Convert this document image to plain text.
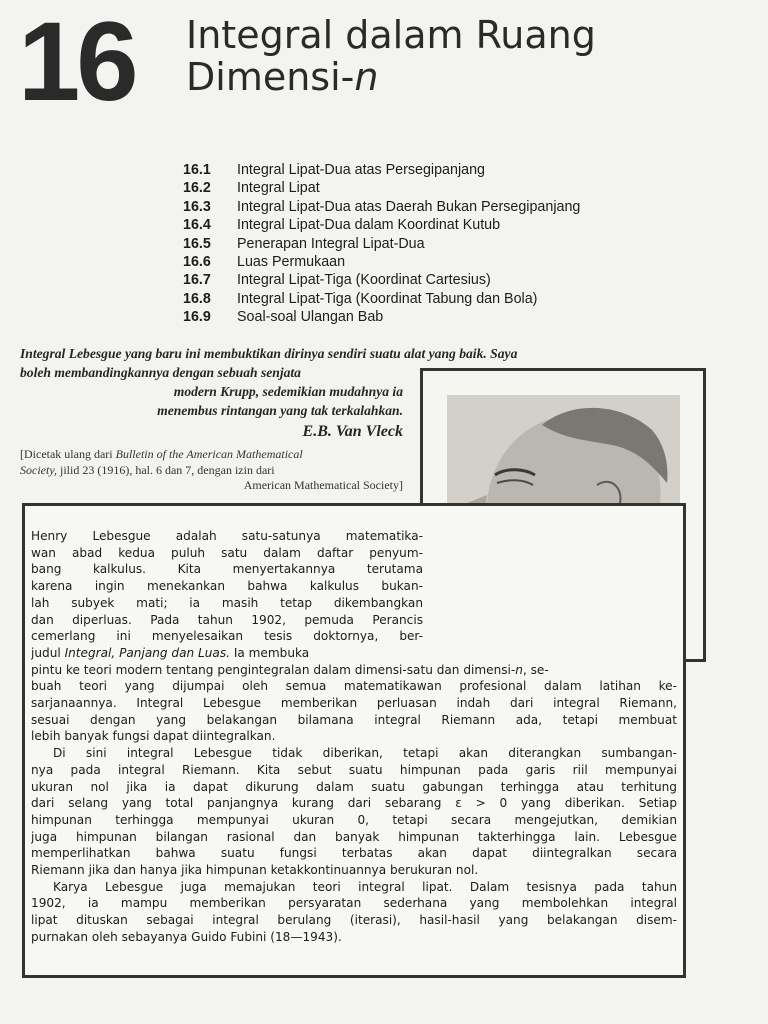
16 Integral dalam Ruang
Dimensi-n
16.1	Integral Lipat-Dua atas Persegipanjang
16.2	Integral Lipat
16.3	Integral Lipat-Dua atas Daerah Bukan Persegipanjang
16.4	Integral Lipat-Dua dalam Koordinat Kutub
16.5	Penerapan Integral Lipat-Dua
16.6	Luas Permukaan
16.7	Integral Lipat-Tiga (Koordinat Cartesius)
16.8	Integral Lipat-Tiga (Koordinat Tabung dan Bola)
16.9	Soal-soal Ulangan Bab
Integral Lebesgue yang baru ini membuktikan dirinya sendiri suatu alat yang baik. Saya
boleh membandingkannya dengan sebuah senjata
modern Krupp, sedemikian mudahnya ia
menembus rintangan yang tak terkalahkan.
E.B. Van Vleck
[Dicetak ulang dari Bulletin of the American Mathematical
Society, jilid 23 (1916), hal. 6 dan 7, dengan izin dari
American Mathematical Society]
Henry Lebesgue adalah satu-satunya matematika-
wan abad kedua puluh satu dalam daftar penyum-
bang kalkulus. Kita menyertakannya terutama
karena ingin menekankan bahwa kalkulus bukan-
lah subyek mati; ia masih tetap dikembangkan
dan diperluas. Pada tahun 1902, pemuda Perancis
cemerlang ini menyelesaikan tesis doktornya, ber-
judul Integral, Panjang dan Luas. Ia membuka
pintu ke teori modern tentang pengintegralan dalam dimensi-satu dan dimensi-n, se-
buah teori yang dijumpai oleh semua matematikawan profesional dalam latihan ke-
sarjanaannya. Integral Lebesgue memberikan perluasan indah dari integral Riemann,
sesuai dengan yang belakangan bilamana integral Riemann ada, tetapi membuat
lebih banyak fungsi dapat diintegralkan.
Di sini integral Lebesgue tidak diberikan, tetapi akan diterangkan sumbangan-
nya pada integral Riemann. Kita sebut suatu himpunan pada garis riil mempunyai
ukuran nol jika ia dapat dikurung dalam suatu gabungan terhingga atau terhitung
dari selang yang total panjangnya kurang dari sebarang ε > 0 yang diberikan. Setiap
himpunan terhingga mempunyai ukuran 0, tetapi secara mengejutkan, demikian
juga himpunan bilangan rasional dan banyak himpunan takterhingga lain. Lebesgue
memperlihatkan bahwa suatu fungsi terbatas akan dapat diintegralkan secara
Riemann jika dan hanya jika himpunan ketakkontinuannya berukuran nol.
Karya Lebesgue juga memajukan teori integral lipat. Dalam tesisnya pada tahun
1902, ia mampu memberikan persyaratan sederhana yang membolehkan integral
lipat dituskan sebagai integral berulang (iterasi), hasil-hasil yang belakangan disem-
purnakan oleh sebayanya Guido Fubini (18—1943).
